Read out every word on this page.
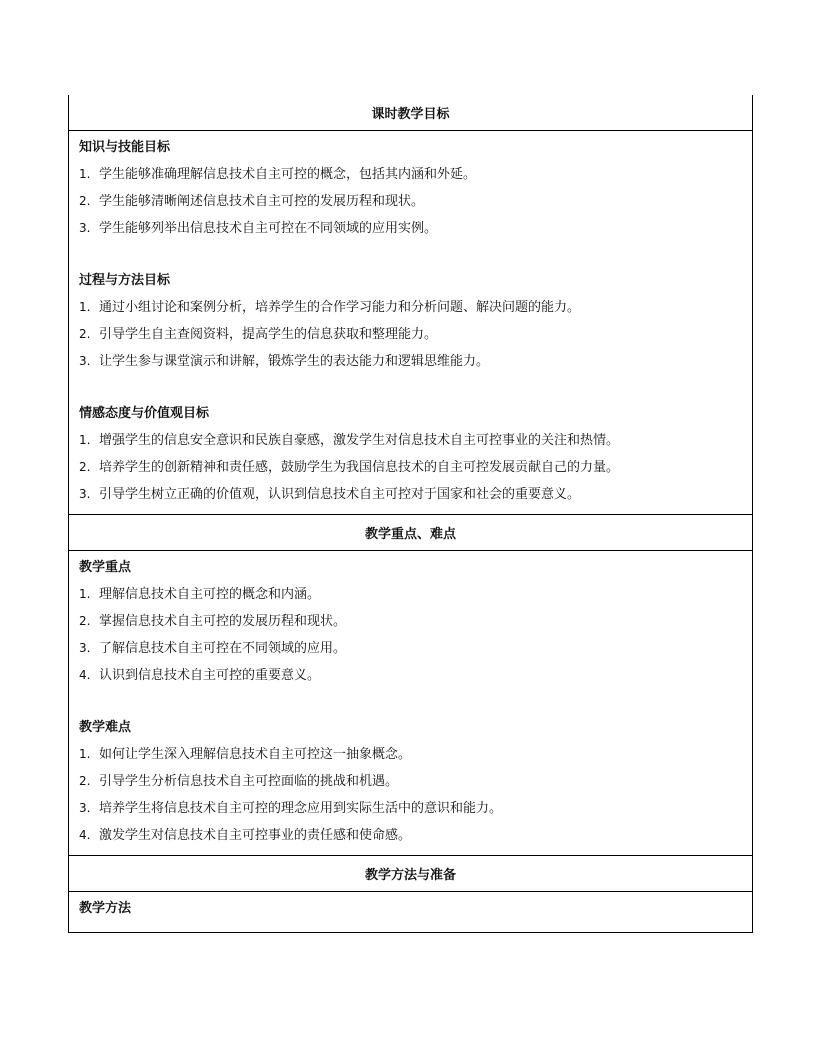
课时教学目标
知识与技能目标
1. 学生能够准确理解信息技术自主可控的概念，包括其内涵和外延。
2. 学生能够清晰阐述信息技术自主可控的发展历程和现状。
3. 学生能够列举出信息技术自主可控在不同领域的应用实例。
过程与方法目标
1. 通过小组讨论和案例分析，培养学生的合作学习能力和分析问题、解决问题的能力。
2. 引导学生自主查阅资料，提高学生的信息获取和整理能力。
3. 让学生参与课堂演示和讲解，锻炼学生的表达能力和逻辑思维能力。
情感态度与价值观目标
1. 增强学生的信息安全意识和民族自豪感，激发学生对信息技术自主可控事业的关注和热情。
2. 培养学生的创新精神和责任感，鼓励学生为我国信息技术的自主可控发展贡献自己的力量。
3. 引导学生树立正确的价值观，认识到信息技术自主可控对于国家和社会的重要意义。
教学重点、难点
教学重点
1. 理解信息技术自主可控的概念和内涵。
2. 掌握信息技术自主可控的发展历程和现状。
3. 了解信息技术自主可控在不同领域的应用。
4. 认识到信息技术自主可控的重要意义。
教学难点
1. 如何让学生深入理解信息技术自主可控这一抽象概念。
2. 引导学生分析信息技术自主可控面临的挑战和机遇。
3. 培养学生将信息技术自主可控的理念应用到实际生活中的意识和能力。
4. 激发学生对信息技术自主可控事业的责任感和使命感。
教学方法与准备
教学方法
